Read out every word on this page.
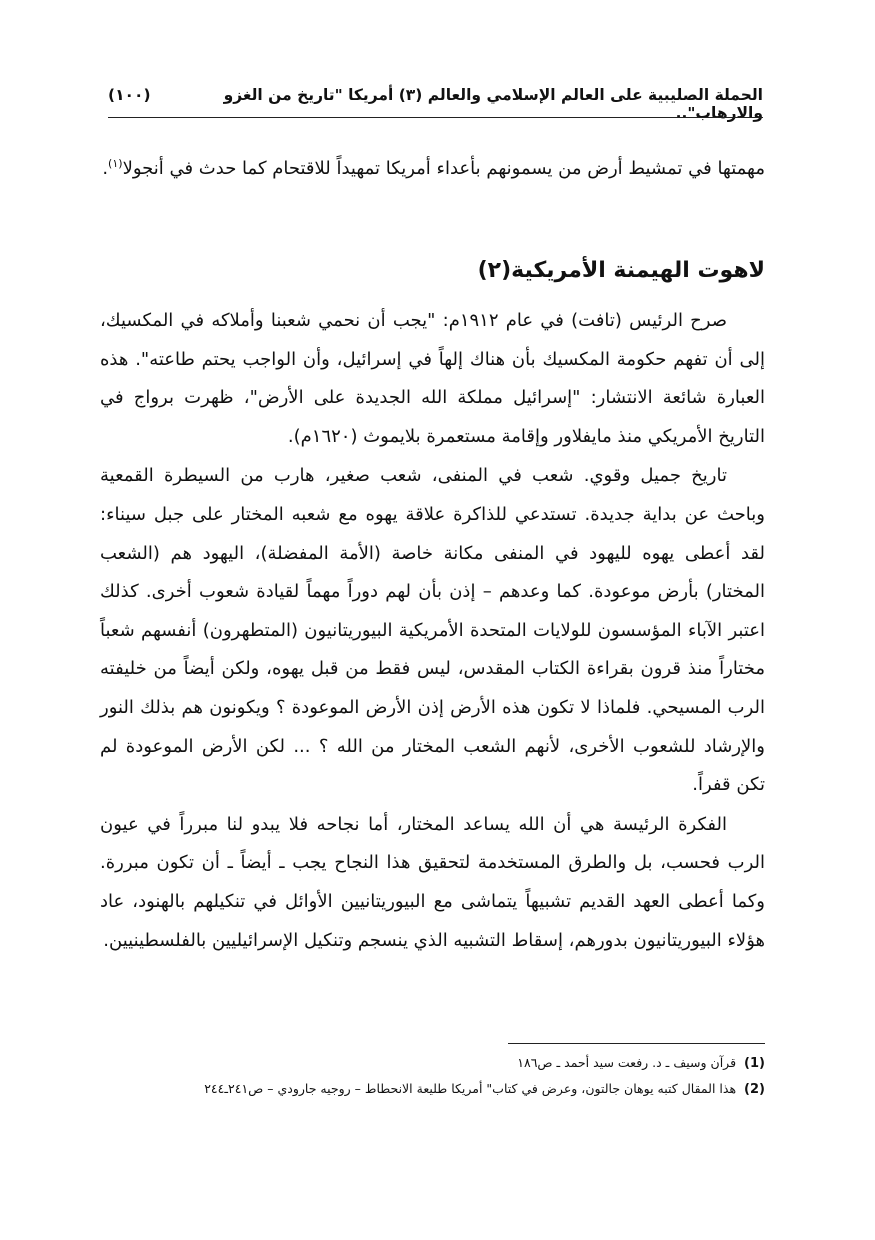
الحملة الصليبية على العالم الإسلامي والعالم (٣) أمريكا "تاريخ من الغزو والارهاب"..
(١٠٠)

مهمتها في تمشيط أرض من يسمونهم بأعداء أمريكا تمهيداً للاقتحام كما حدث في أنجولا$^{(١)}$.

لاهوت الهيمنة الأمريكية(٢)

صرح الرئيس (تافت) في عام ١٩١٢م: "يجب أن نحمي شعبنا وأملاكه في المكسيك، إلى أن تفهم حكومة المكسيك بأن هناك إلهاً في إسرائيل، وأن الواجب يحتم طاعته". هذه العبارة شائعة الانتشار: "إسرائيل مملكة الله الجديدة على الأرض"، ظهرت برواج في التاريخ الأمريكي منذ مايفلاور وإقامة مستعمرة بلايموث (١٦٢٠م).

تاريخ جميل وقوي. شعب في المنفى، شعب صغير، هارب من السيطرة القمعية وباحث عن بداية جديدة. تستدعي للذاكرة علاقة يهوه مع شعبه المختار على جبل سيناء: لقد أعطى يهوه لليهود في المنفى مكانة خاصة (الأمة المفضلة)، اليهود هم (الشعب المختار) بأرض موعودة. كما وعدهم – إذن بأن لهم دوراً مهماً لقيادة شعوب أخرى. كذلك اعتبر الآباء المؤسسون للولايات المتحدة الأمريكية البيوريتانيون (المتطهرون) أنفسهم شعباً مختاراً منذ قرون بقراءة الكتاب المقدس، ليس فقط من قبل يهوه، ولكن أيضاً من خليفته الرب المسيحي. فلماذا لا تكون هذه الأرض إذن الأرض الموعودة ؟ ويكونون هم بذلك النور والإرشاد للشعوب الأخرى، لأنهم الشعب المختار من الله ؟ ... لكن الأرض الموعودة لم تكن قفراً.

الفكرة الرئيسة هي أن الله يساعد المختار، أما نجاحه فلا يبدو لنا مبرراً في عيون الرب فحسب، بل والطرق المستخدمة لتحقيق هذا النجاح يجب ـ أيضاً ـ أن تكون مبررة. وكما أعطى العهد القديم تشبيهاً يتماشى مع البيوريتانيين الأوائل في تنكيلهم بالهنود، عاد هؤلاء البيوريتانيون بدورهم، إسقاط التشبيه الذي ينسجم وتنكيل الإسرائيليين بالفلسطينيين.

(1)قرآن وسيف ـ د. رفعت سيد أحمد ـ ص١٨٦

(2)هذا المقال كتبه يوهان جالتون، وعرض في كتاب" أمريكا طليعة الانحطاط – روجيه جارودي – ص٢٤١ـ٢٤٤
